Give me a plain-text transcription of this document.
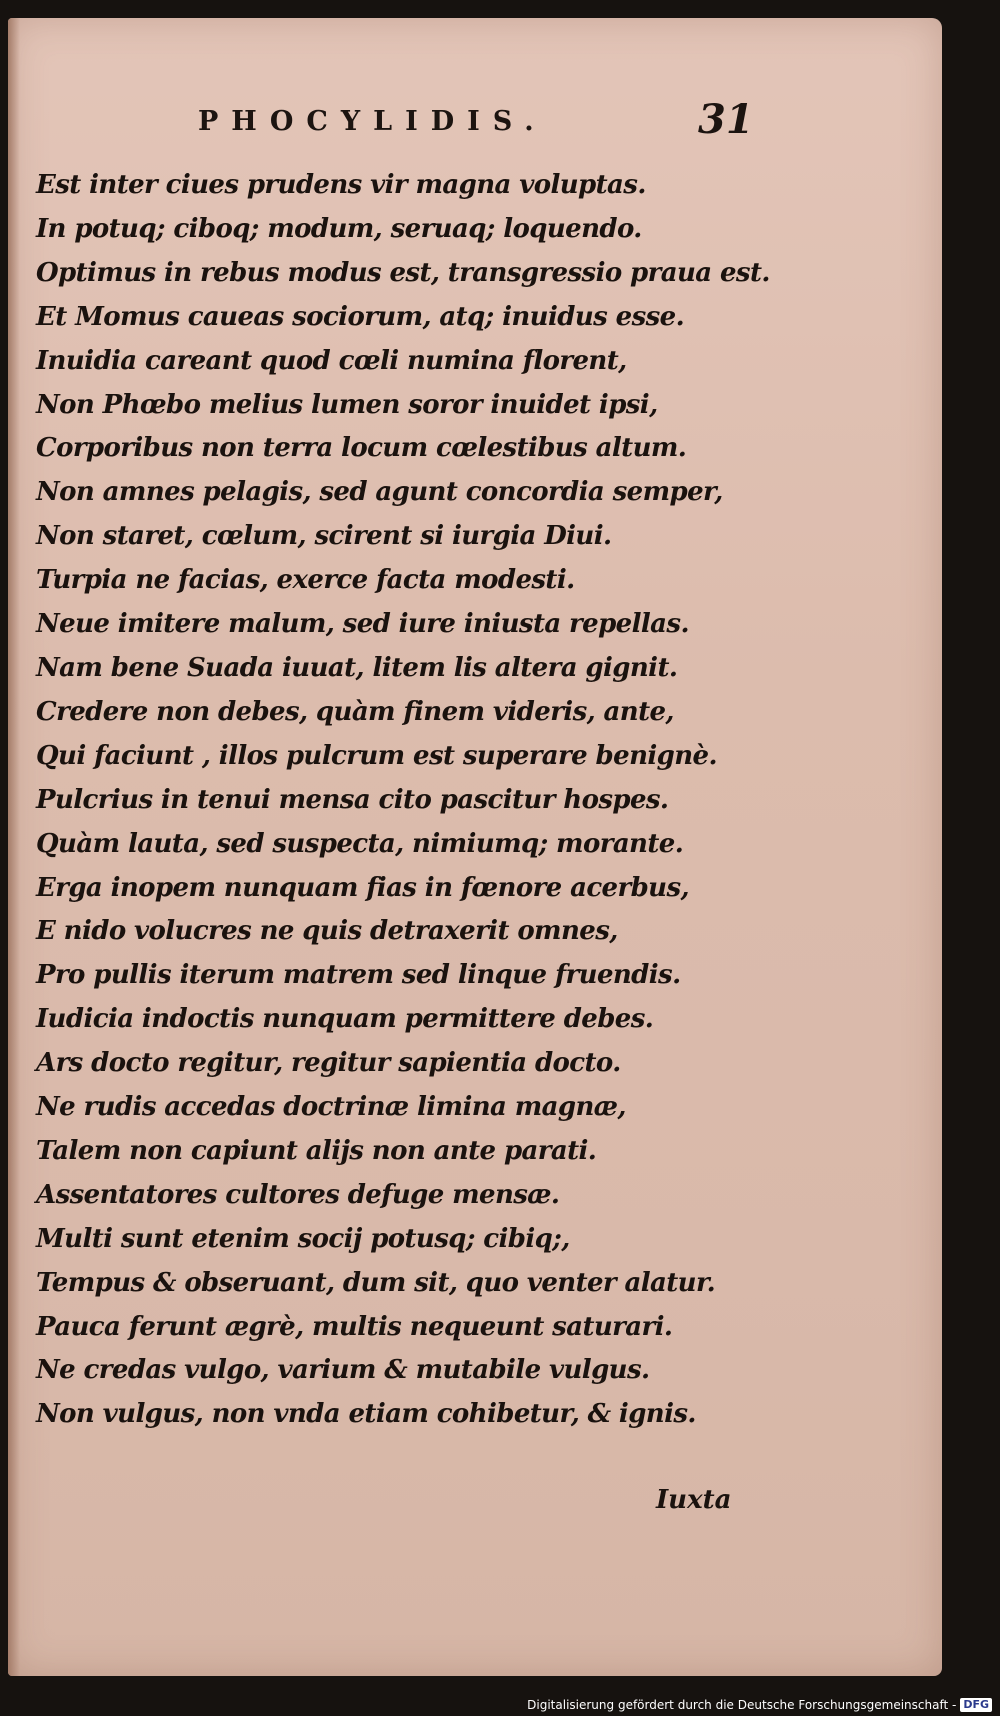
PHOCYLIDIS.	31
Est inter ciues prudens vir magna voluptas.
In potuq; ciboq; modum, seruaq; loquendo.
Optimus in rebus modus est, transgressio praua est.
Et Momus caueas sociorum, atq; inuidus esse.
Inuidia careant quod cœli numina florent,
Non Phœbo melius lumen soror inuidet ipsi,
Corporibus non terra locum cœlestibus altum.
Non amnes pelagis, sed agunt concordia semper,
Non staret, cœlum, scirent si iurgia Diui.
Turpia ne facias, exerce facta modesti.
Neue imitere malum, sed iure iniusta repellas.
Nam bene Suada iuuat, litem lis altera gignit.
Credere non debes, quàm finem videris, ante,
Qui faciunt , illos pulcrum est superare benignè.
Pulcrius in tenui mensa cito pascitur hospes.
Quàm lauta, sed suspecta, nimiumq; morante.
Erga inopem nunquam fias in fœnore acerbus,
E nido volucres ne quis detraxerit omnes,
Pro pullis iterum matrem sed linque fruendis.
Iudicia indoctis nunquam permittere debes.
Ars docto regitur, regitur sapientia docto.
Ne rudis accedas doctrinæ limina magnæ,
Talem non capiunt alijs non ante parati.
Assentatores cultores defuge mensæ.
Multi sunt etenim socij potusq; cibiq;,
Tempus & obseruant, dum sit, quo venter alatur.
Pauca ferunt ægrè, multis nequeunt saturari.
Ne credas vulgo, varium & mutabile vulgus.
Non vulgus, non vnda etiam cohibetur, & ignis.
Iuxta
Digitalisierung gefördert durch die Deutsche Forschungsgemeinschaft - DFG
